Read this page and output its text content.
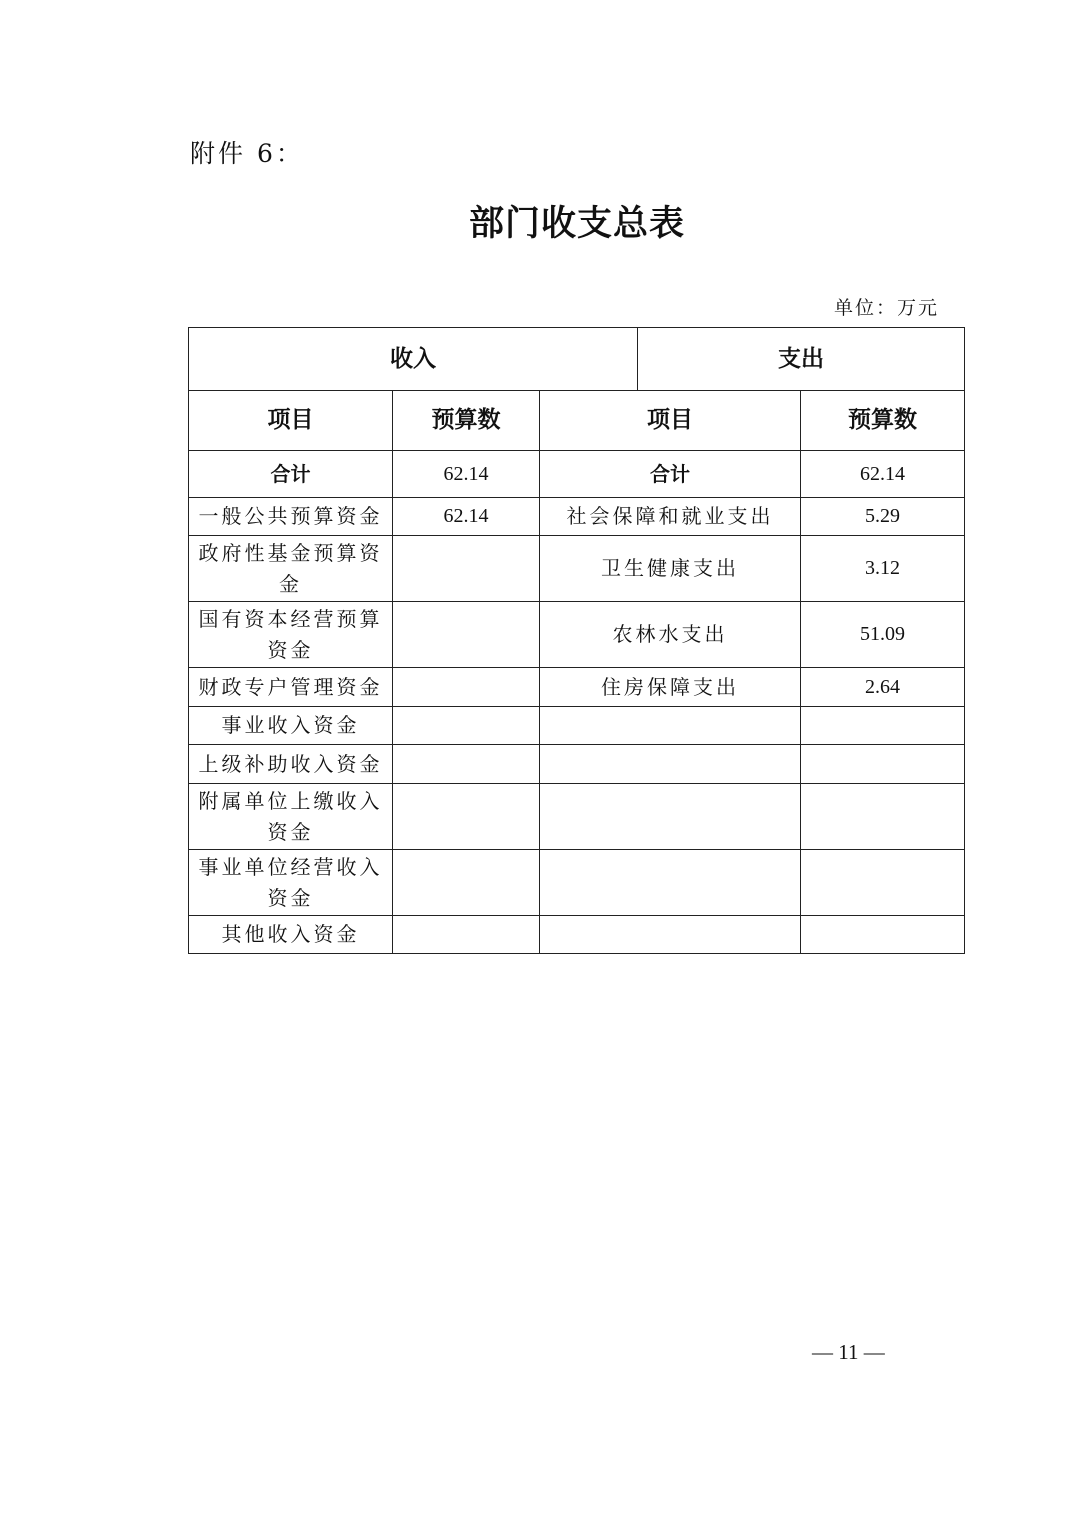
附件 6：
部门收支总表
单位：万元
收入			支出	
项目	预算数	项目		预算数
合计	62.14	合计		62.14
一般公共预算资金	62.14	社会保障和就业支出		5.29
政府性基金预算资金		卫生健康支出		3.12
国有资本经营预算资金		农林水支出		51.09
财政专户管理资金		住房保障支出		2.64
事业收入资金				
上级补助收入资金				
附属单位上缴收入资金				
事业单位经营收入资金				
其他收入资金				
— 11 —
